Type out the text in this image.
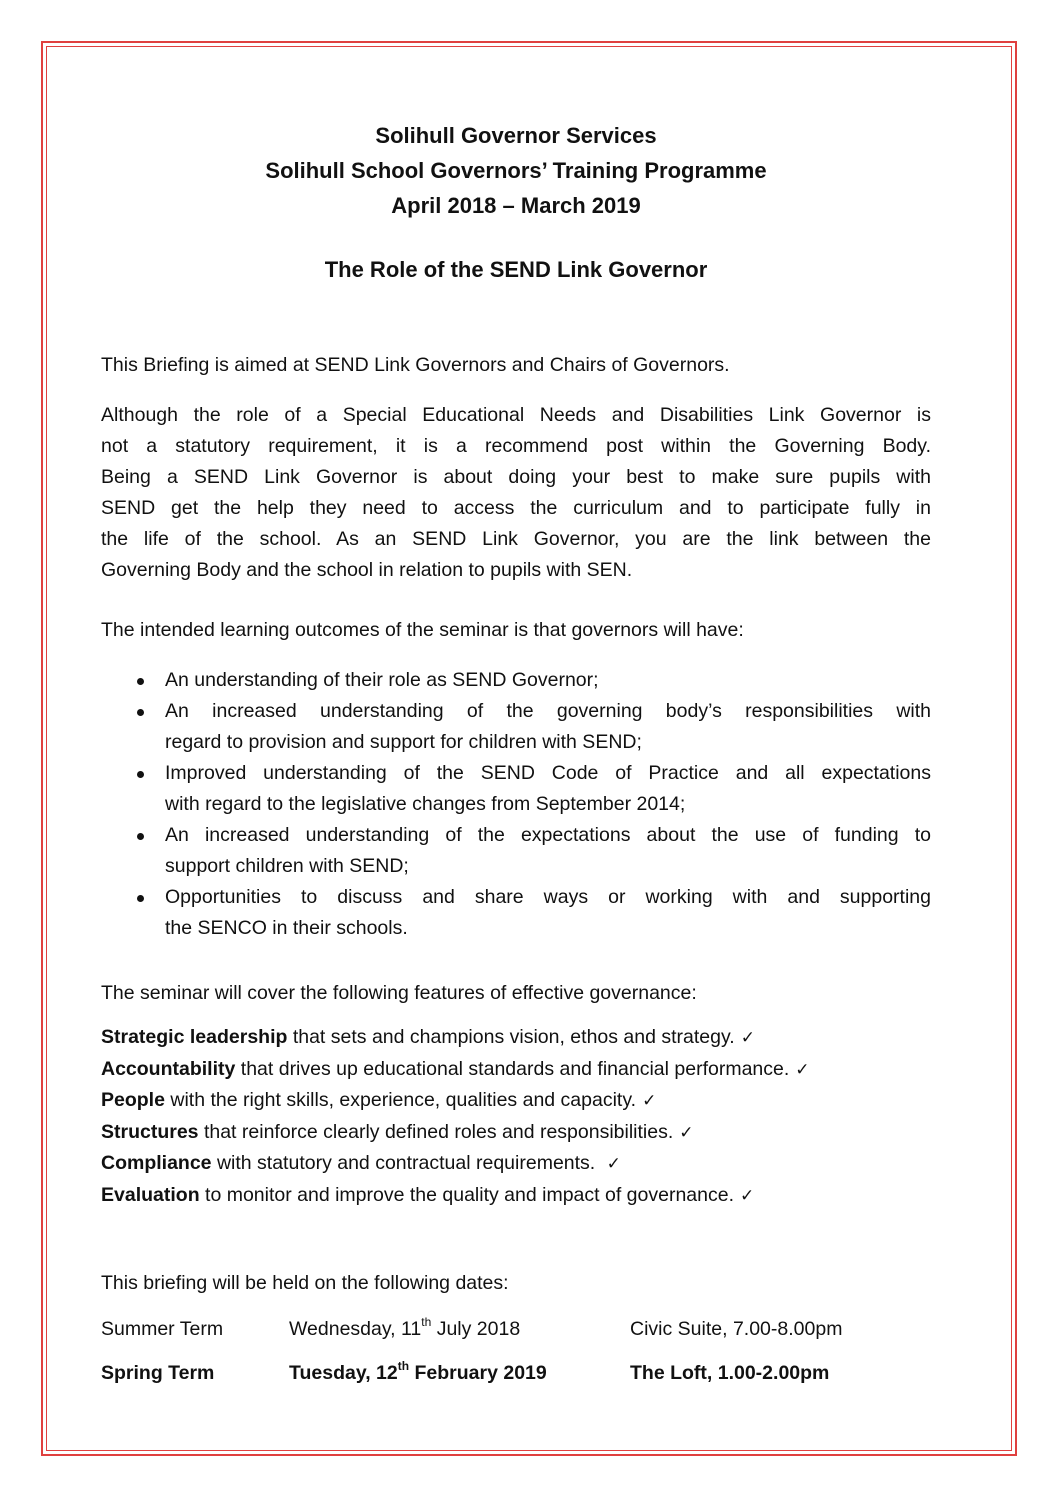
Solihull Governor Services
Solihull School Governors’ Training Programme
April 2018 – March 2019
The Role of the SEND Link Governor
This Briefing is aimed at SEND Link Governors and Chairs of Governors.
Although the role of a Special Educational Needs and Disabilities Link Governor is
not a statutory requirement, it is a recommend post within the Governing Body.
Being a SEND Link Governor is about doing your best to make sure pupils with
SEND get the help they need to access the curriculum and to participate fully in
the life of the school. As an SEND Link Governor, you are the link between the
Governing Body and the school in relation to pupils with SEN.
The intended learning outcomes of the seminar is that governors will have:
An understanding of their role as SEND Governor;
An increased understanding of the governing body’s responsibilities with
regard to provision and support for children with SEND;
Improved understanding of the SEND Code of Practice and all expectations
with regard to the legislative changes from September 2014;
An increased understanding of the expectations about the use of funding to
support children with SEND;
Opportunities to discuss and share ways or working with and supporting
the SENCO in their schools.
The seminar will cover the following features of effective governance:
Strategic leadership that sets and champions vision, ethos and strategy. ✓
Accountability that drives up educational standards and financial performance. ✓
People with the right skills, experience, qualities and capacity. ✓
Structures that reinforce clearly defined roles and responsibilities. ✓
Compliance with statutory and contractual requirements. ✓
Evaluation to monitor and improve the quality and impact of governance. ✓
This briefing will be held on the following dates:
Summer Term	Wednesday, 11th July 2018	Civic Suite, 7.00-8.00pm
Spring Term	Tuesday, 12th February 2019	The Loft, 1.00-2.00pm
